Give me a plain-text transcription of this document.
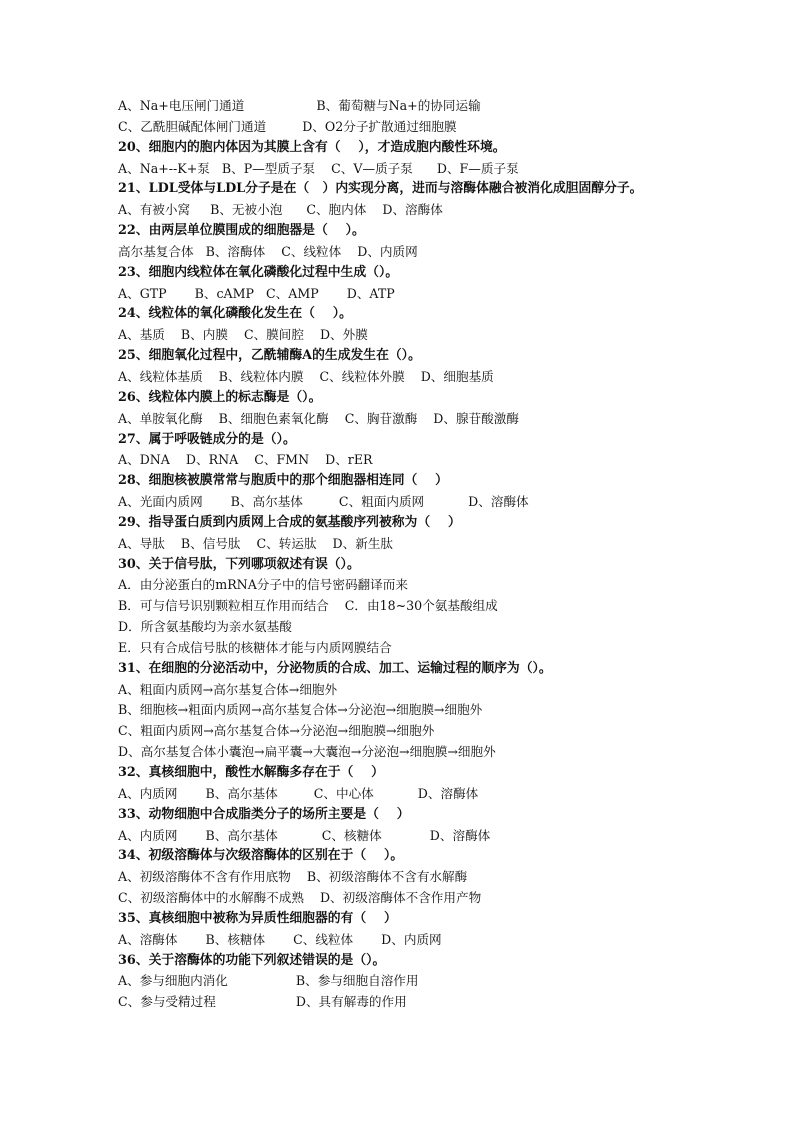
A、Na+电压闸门通道                  B、葡萄糖与Na+的协同运输
C、乙酰胆碱配体闸门通道         D、O2分子扩散通过细胞膜
20、细胞内的胞内体因为其膜上含有（    ），才造成胞内酸性环境。
A、Na+--K+泵   B、P—型质子泵    C、V—质子泵      D、F—质子泵
21、LDL受体与LDL分子是在（   ）内实现分离，进而与溶酶体融合被消化成胆固醇分子。
A、有被小窝     B、无被小泡      C、胞内体    D、溶酶体
22、由两层单位膜围成的细胞器是（    ）。
高尔基复合体   B、溶酶体    C、线粒体    D、内质网
23、细胞内线粒体在氧化磷酸化过程中生成（）。
A、GTP       B、cAMP   C、AMP       D、ATP
24、线粒体的氧化磷酸化发生在（    ）。
A、基质    B、内膜    C、膜间腔    D、外膜
25、细胞氧化过程中，乙酰辅酶A的生成发生在（）。
A、线粒体基质    B、线粒体内膜    C、线粒体外膜    D、细胞基质
26、线粒体内膜上的标志酶是（）。
A、单胺氧化酶    B、细胞色素氧化酶    C、胸苷激酶    D、腺苷酸激酶
27、属于呼吸链成分的是（）。
A、DNA    D、RNA    C、FMN    D、rER
28、细胞核被膜常常与胞质中的那个细胞器相连同（    ）
A、光面内质网       B、高尔基体         C、粗面内质网           D、溶酶体
29、指导蛋白质到内质网上合成的氨基酸序列被称为（    ）
A、导肽    B、信号肽    C、转运肽    D、新生肽
30、关于信号肽，下列哪项叙述有误（）。
A．由分泌蛋白的mRNA分子中的信号密码翻译而来
B．可与信号识别颗粒相互作用而结合    C．由18~30个氨基酸组成
D．所含氨基酸均为亲水氨基酸
E．只有合成信号肽的核糖体才能与内质网膜结合
31、在细胞的分泌活动中，分泌物质的合成、加工、运输过程的顺序为（）。
A、粗面内质网→高尔基复合体→细胞外
B、细胞核→粗面内质网→高尔基复合体→分泌泡→细胞膜→细胞外
C、粗面内质网→高尔基复合体→分泌泡→细胞膜→细胞外
D、高尔基复合体小囊泡→扁平囊→大囊泡→分泌泡→细胞膜→细胞外
32、真核细胞中，酸性水解酶多存在于（    ）
A、内质网       B、高尔基体         C、中心体           D、溶酶体
33、动物细胞中合成脂类分子的场所主要是（    ）
A、内质网       B、高尔基体           C、核糖体            D、溶酶体
34、初级溶酶体与次级溶酶体的区别在于（    ）。
A、初级溶酶体不含有作用底物    B、初级溶酶体不含有水解酶
C、初级溶酶体中的水解酶不成熟    D、初级溶酶体不含作用产物
35、真核细胞中被称为异质性细胞器的有（    ）
A、溶酶体       B、核糖体       C、线粒体       D、内质网
36、关于溶酶体的功能下列叙述错误的是（）。
A、参与细胞内消化                 B、参与细胞自溶作用
C、参与受精过程                    D、具有解毒的作用
